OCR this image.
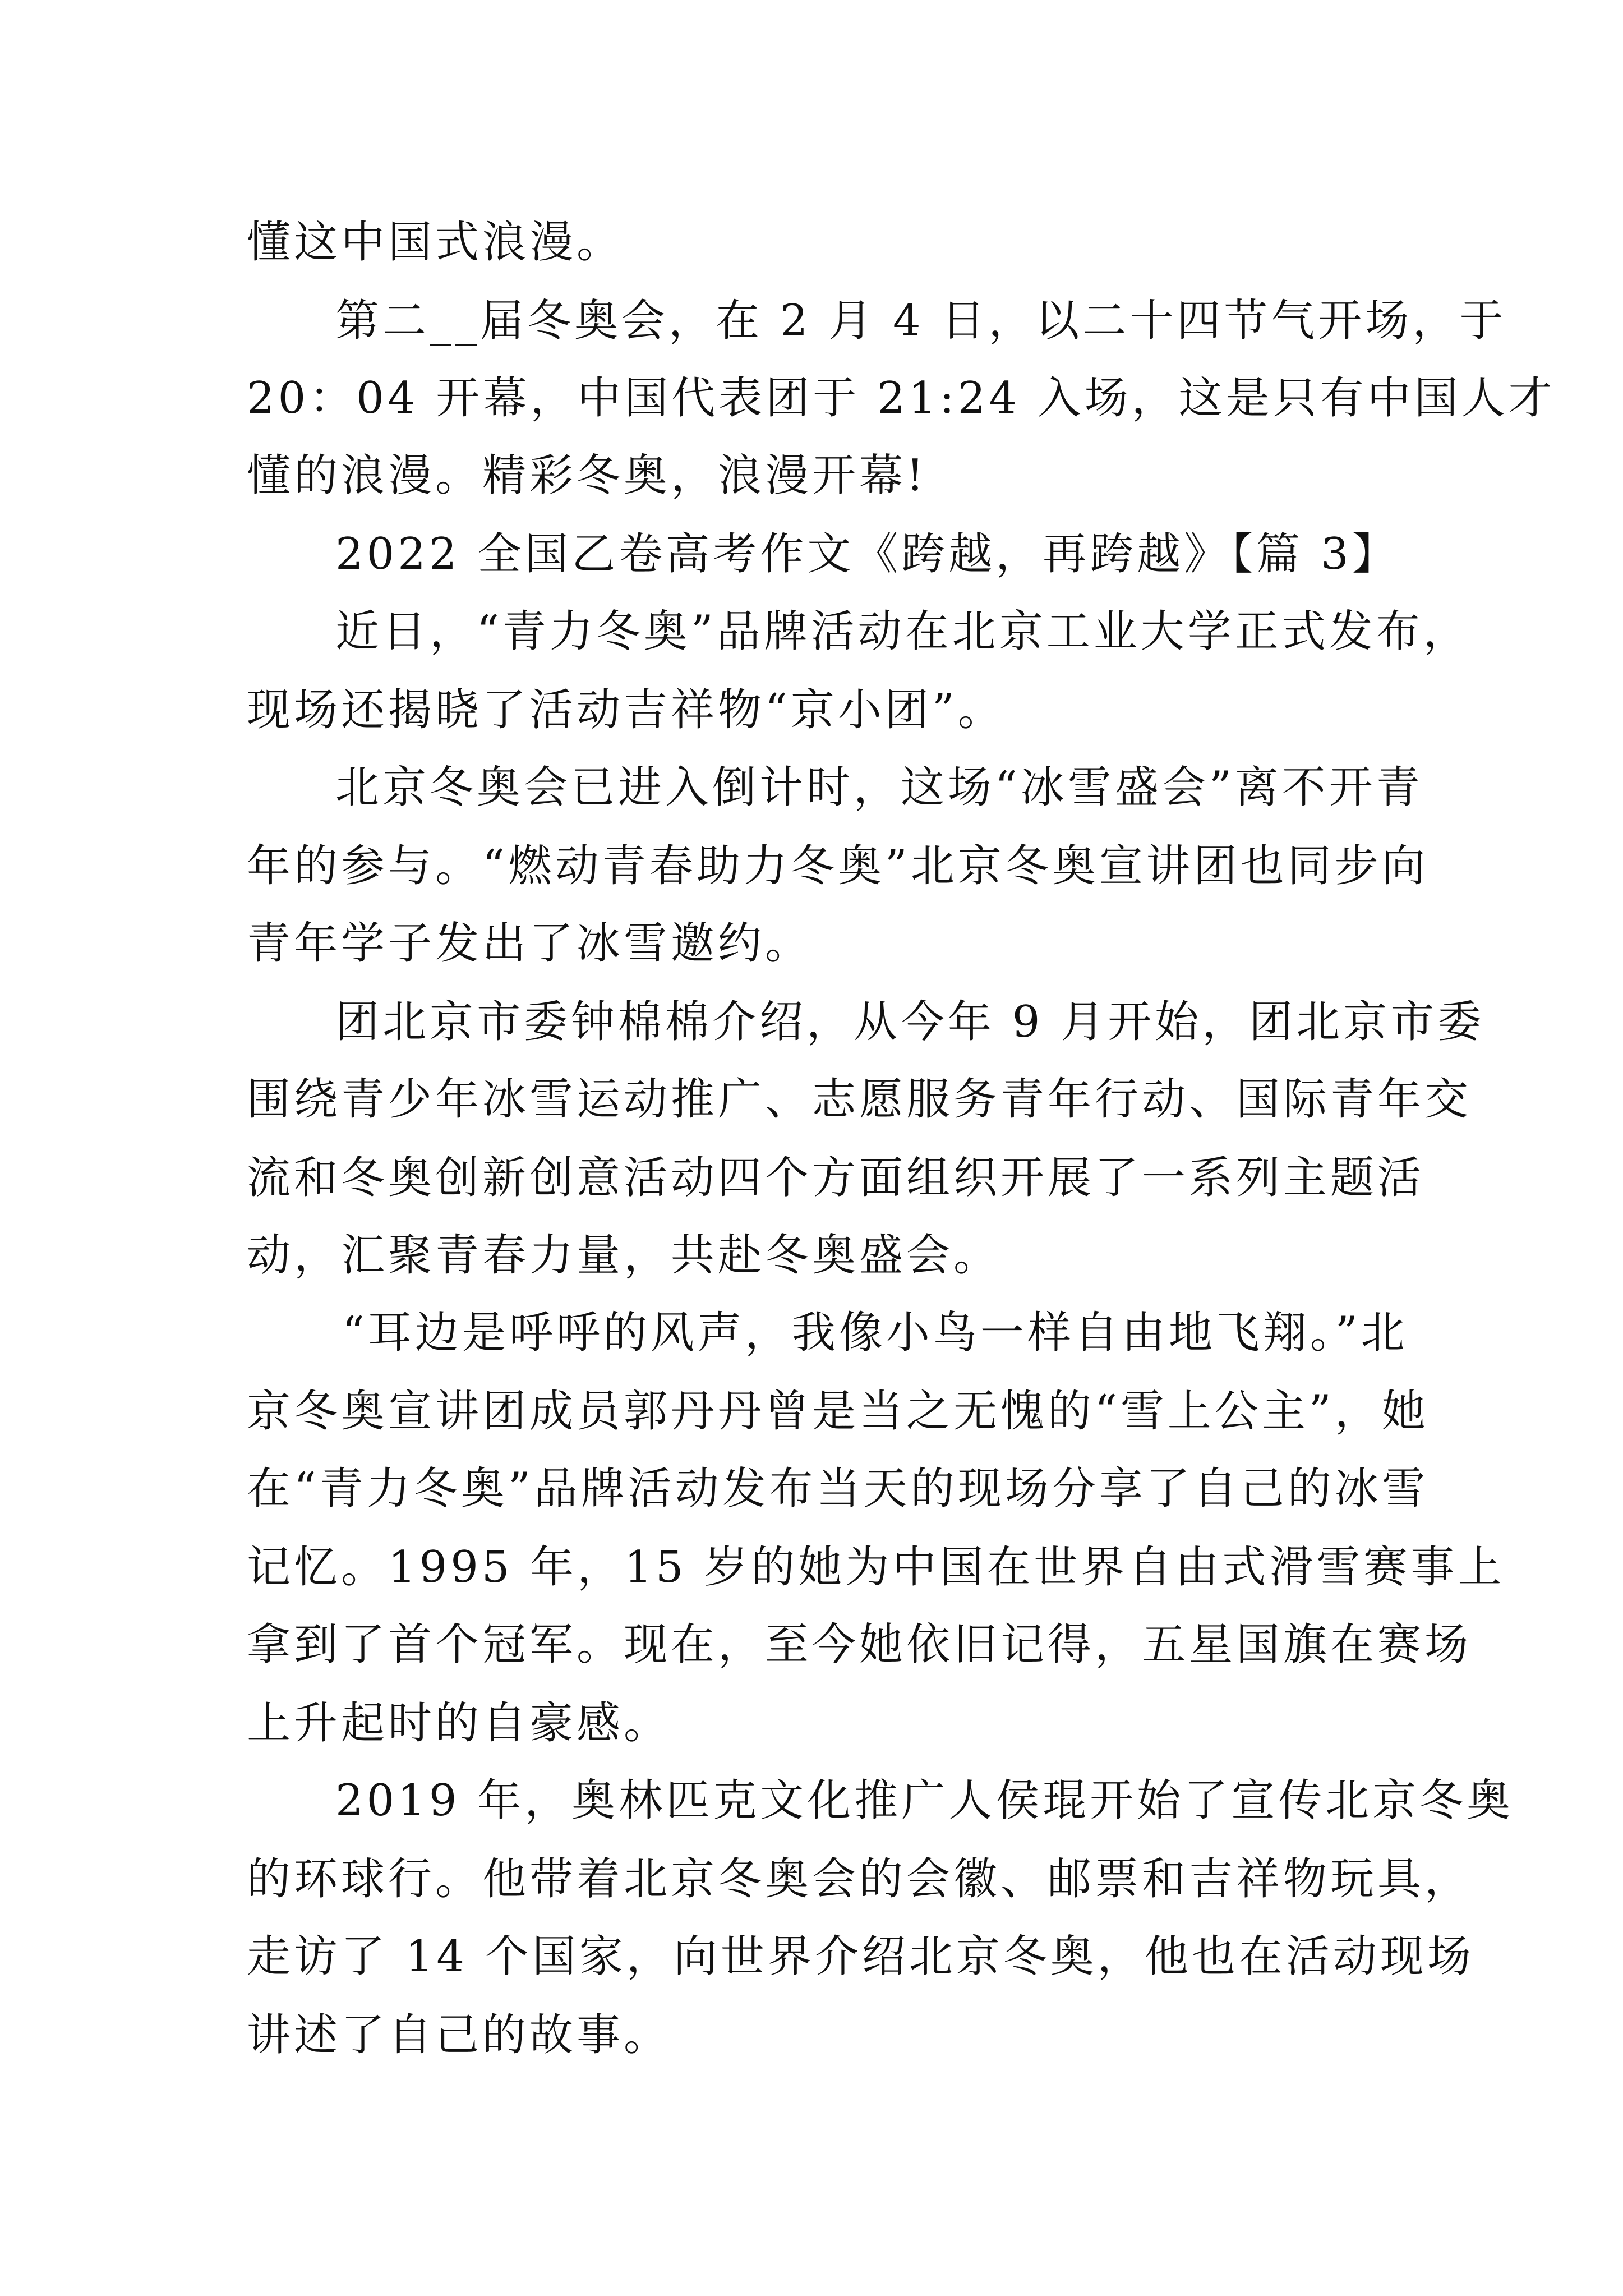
懂这中国式浪漫。
第二__届冬奥会，在 2 月 4 日，以二十四节气开场，于
20：04 开幕，中国代表团于 21:24 入场，这是只有中国人才
懂的浪漫。精彩冬奥，浪漫开幕!
2022 全国乙卷高考作文《跨越，再跨越》【篇 3】
近日，“青力冬奥”品牌活动在北京工业大学正式发布，
现场还揭晓了活动吉祥物“京小团”。
北京冬奥会已进入倒计时，这场“冰雪盛会”离不开青
年的参与。“燃动青春助力冬奥”北京冬奥宣讲团也同步向
青年学子发出了冰雪邀约。
团北京市委钟棉棉介绍，从今年 9 月开始，团北京市委
围绕青少年冰雪运动推广、志愿服务青年行动、国际青年交
流和冬奥创新创意活动四个方面组织开展了一系列主题活
动，汇聚青春力量，共赴冬奥盛会。
“耳边是呼呼的风声，我像小鸟一样自由地飞翔。”北
京冬奥宣讲团成员郭丹丹曾是当之无愧的“雪上公主”，她
在“青力冬奥”品牌活动发布当天的现场分享了自己的冰雪
记忆。1995 年，15 岁的她为中国在世界自由式滑雪赛事上
拿到了首个冠军。现在，至今她依旧记得，五星国旗在赛场
上升起时的自豪感。
2019 年，奥林匹克文化推广人侯琨开始了宣传北京冬奥
的环球行。他带着北京冬奥会的会徽、邮票和吉祥物玩具，
走访了 14 个国家，向世界介绍北京冬奥，他也在活动现场
讲述了自己的故事。
